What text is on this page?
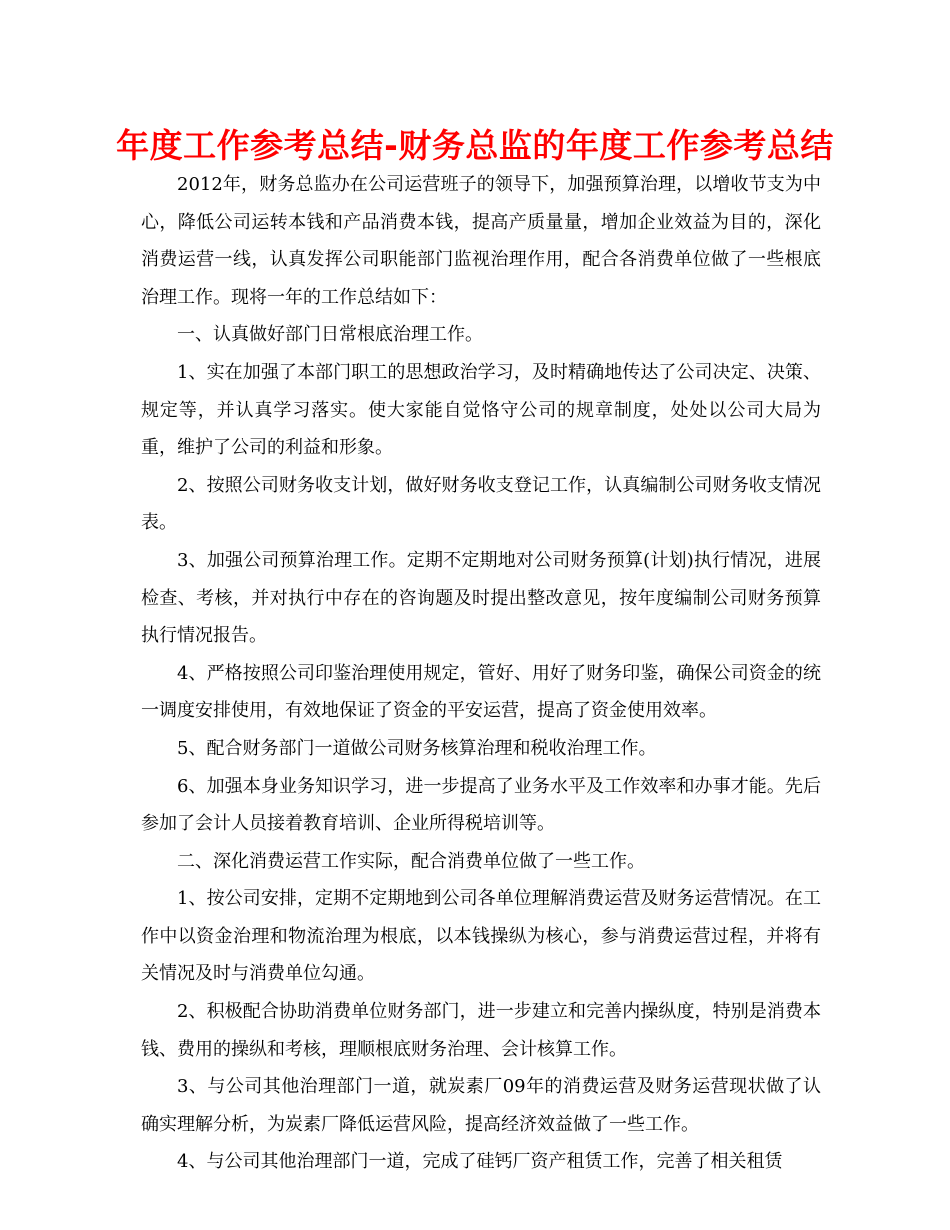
年度工作参考总结-财务总监的年度工作参考总结

2012年，财务总监办在公司运营班子的领导下，加强预算治理，以增收节支为中心，降低公司运转本钱和产品消费本钱，提高产质量量，增加企业效益为目的，深化消费运营一线，认真发挥公司职能部门监视治理作用，配合各消费单位做了一些根底治理工作。现将一年的工作总结如下：

一、认真做好部门日常根底治理工作。

1、实在加强了本部门职工的思想政治学习，及时精确地传达了公司决定、决策、规定等，并认真学习落实。使大家能自觉恪守公司的规章制度，处处以公司大局为重，维护了公司的利益和形象。

2、按照公司财务收支计划，做好财务收支登记工作，认真编制公司财务收支情况表。

3、加强公司预算治理工作。定期不定期地对公司财务预算(计划)执行情况，进展检查、考核，并对执行中存在的咨询题及时提出整改意见，按年度编制公司财务预算执行情况报告。

4、严格按照公司印鉴治理使用规定，管好、用好了财务印鉴，确保公司资金的统一调度安排使用，有效地保证了资金的平安运营，提高了资金使用效率。

5、配合财务部门一道做公司财务核算治理和税收治理工作。

6、加强本身业务知识学习，进一步提高了业务水平及工作效率和办事才能。先后参加了会计人员接着教育培训、企业所得税培训等。

二、深化消费运营工作实际，配合消费单位做了一些工作。

1、按公司安排，定期不定期地到公司各单位理解消费运营及财务运营情况。在工作中以资金治理和物流治理为根底，以本钱操纵为核心，参与消费运营过程，并将有关情况及时与消费单位勾通。

2、积极配合协助消费单位财务部门，进一步建立和完善内操纵度，特别是消费本钱、费用的操纵和考核，理顺根底财务治理、会计核算工作。

3、与公司其他治理部门一道，就炭素厂09年的消费运营及财务运营现状做了认确实理解分析，为炭素厂降低运营风险，提高经济效益做了一些工作。

4、与公司其他治理部门一道，完成了硅钙厂资产租赁工作，完善了相关租赁
